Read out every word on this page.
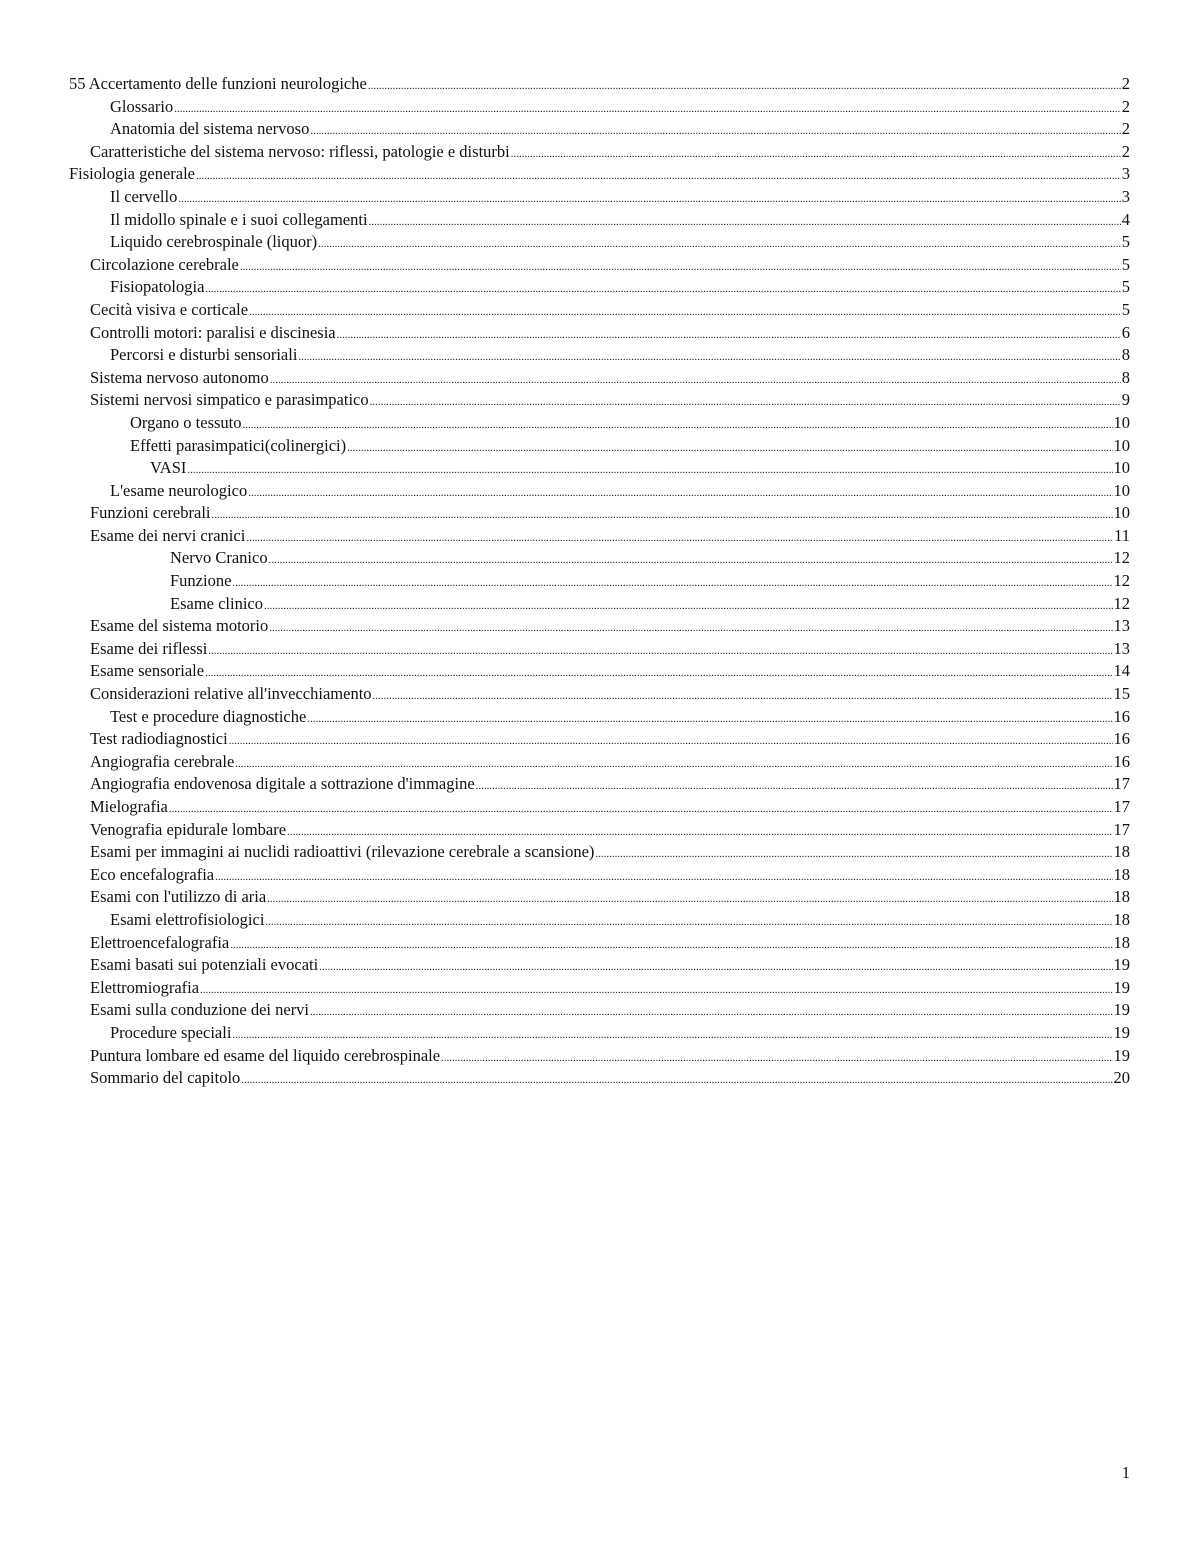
55 Accertamento delle funzioni neurologiche .....	2
Glossario .....	2
Anatomia del sistema nervoso .....	2
Caratteristiche del sistema nervoso: riflessi, patologie e disturbi .....	2
Fisiologia generale .....	3
Il cervello .....	3
Il midollo spinale e i suoi collegamenti .....	4
Liquido cerebrospinale (liquor) .....	5
Circolazione cerebrale .....	5
Fisiopatologia .....	5
Cecità visiva e corticale .....	5
Controlli motori: paralisi e discinesia .....	6
Percorsi e disturbi sensoriali .....	8
Sistema nervoso autonomo .....	8
Sistemi nervosi simpatico e parasimpatico .....	9
Organo o tessuto .....	10
Effetti parasimpatici(colinergici) .....	10
VASI .....	10
L'esame neurologico .....	10
Funzioni cerebrali .....	10
Esame dei nervi cranici .....	11
Nervo Cranico .....	12
Funzione .....	12
Esame clinico .....	12
Esame del sistema motorio .....	13
Esame dei riflessi .....	13
Esame sensoriale .....	14
Considerazioni relative all'invecchiamento .....	15
Test e procedure diagnostiche .....	16
Test radiodiagnostici .....	16
Angiografia cerebrale .....	16
Angiografia endovenosa digitale a sottrazione d'immagine .....	17
Mielografia .....	17
Venografia epidurale lombare .....	17
Esami per immagini ai nuclidi radioattivi (rilevazione cerebrale a scansione) .....	18
Eco encefalografia .....	18
Esami con l'utilizzo di aria .....	18
Esami elettrofisiologici .....	18
Elettroencefalografia .....	18
Esami basati sui potenziali evocati .....	19
Elettromiografia .....	19
Esami sulla conduzione dei nervi .....	19
Procedure speciali .....	19
Puntura lombare ed esame del liquido cerebrospinale .....	19
Sommario del capitolo .....	20
1
